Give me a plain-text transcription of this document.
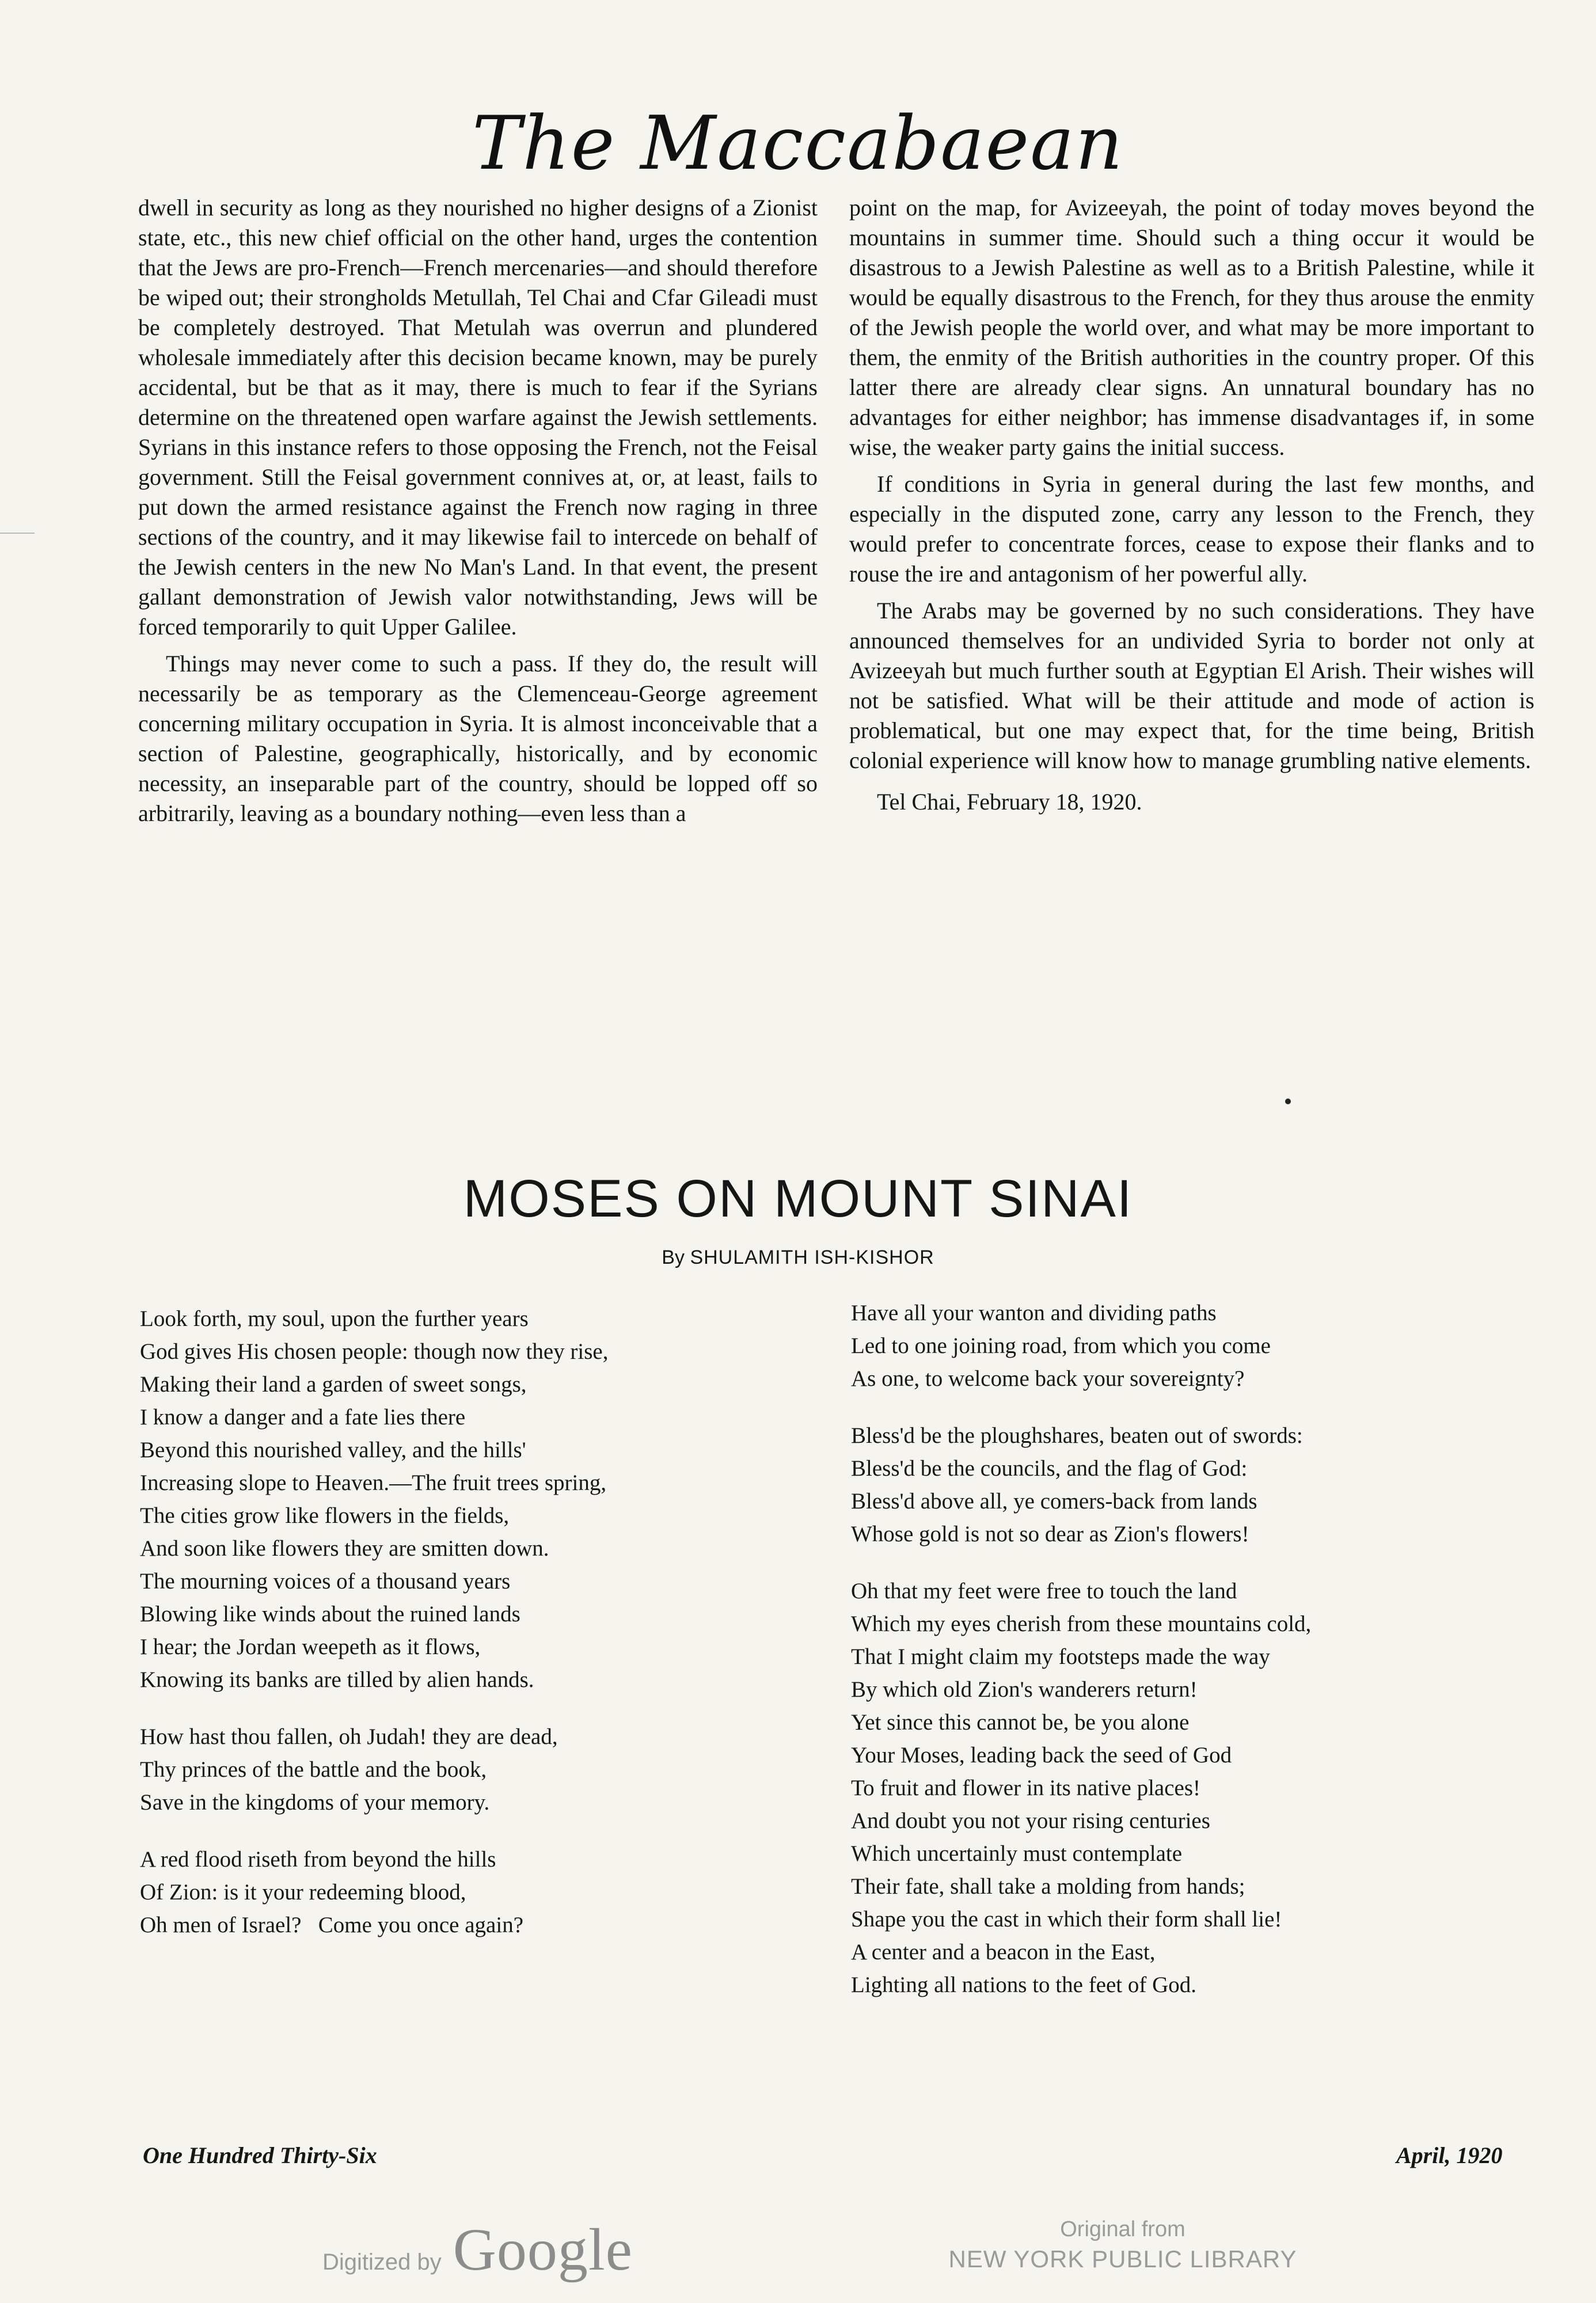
The Maccabaean

dwell in security as long as they nourished no higher designs of a Zionist state, etc., this new chief official on the other hand, urges the contention that the Jews are pro-French—French mercenaries—and should therefore be wiped out; their strongholds Metullah, Tel Chai and Cfar Gileadi must be completely destroyed. That Metulah was overrun and plundered wholesale immediately after this decision became known, may be purely accidental, but be that as it may, there is much to fear if the Syrians determine on the threatened open warfare against the Jewish settlements. Syrians in this instance refers to those opposing the French, not the Feisal government. Still the Feisal government connives at, or, at least, fails to put down the armed resistance against the French now raging in three sections of the country, and it may likewise fail to intercede on behalf of the Jewish centers in the new No Man's Land. In that event, the present gallant demonstration of Jewish valor notwithstanding, Jews will be forced temporarily to quit Upper Galilee.

Things may never come to such a pass. If they do, the result will necessarily be as temporary as the Clemenceau-George agreement concerning military occupation in Syria. It is almost inconceivable that a section of Palestine, geographically, historically, and by economic necessity, an inseparable part of the country, should be lopped off so arbitrarily, leaving as a boundary nothing—even less than a

point on the map, for Avizeeyah, the point of today moves beyond the mountains in summer time. Should such a thing occur it would be disastrous to a Jewish Palestine as well as to a British Palestine, while it would be equally disastrous to the French, for they thus arouse the enmity of the Jewish people the world over, and what may be more important to them, the enmity of the British authorities in the country proper. Of this latter there are already clear signs. An unnatural boundary has no advantages for either neighbor; has immense disadvantages if, in some wise, the weaker party gains the initial success.

If conditions in Syria in general during the last few months, and especially in the disputed zone, carry any lesson to the French, they would prefer to concentrate forces, cease to expose their flanks and to rouse the ire and antagonism of her powerful ally.

The Arabs may be governed by no such considerations. They have announced themselves for an undivided Syria to border not only at Avizeeyah but much further south at Egyptian El Arish. Their wishes will not be satisfied. What will be their attitude and mode of action is problematical, but one may expect that, for the time being, British colonial experience will know how to manage grumbling native elements.

Tel Chai, February 18, 1920.

MOSES ON MOUNT SINAI
By SHULAMITH ISH-KISHOR
Look forth, my soul, upon the further years
God gives His chosen people: though now they rise,
Making their land a garden of sweet songs,
I know a danger and a fate lies there
Beyond this nourished valley, and the hills'
Increasing slope to Heaven.—The fruit trees spring,
The cities grow like flowers in the fields,
And soon like flowers they are smitten down.
The mourning voices of a thousand years
Blowing like winds about the ruined lands
I hear; the Jordan weepeth as it flows,
Knowing its banks are tilled by alien hands.
How hast thou fallen, oh Judah! they are dead,
Thy princes of the battle and the book,
Save in the kingdoms of your memory.
A red flood riseth from beyond the hills
Of Zion: is it your redeeming blood,
Oh men of Israel?   Come you once again?
Have all your wanton and dividing paths
Led to one joining road, from which you come
As one, to welcome back your sovereignty?
Bless'd be the ploughshares, beaten out of swords:
Bless'd be the councils, and the flag of God:
Bless'd above all, ye comers-back from lands
Whose gold is not so dear as Zion's flowers!
Oh that my feet were free to touch the land
Which my eyes cherish from these mountains cold,
That I might claim my footsteps made the way
By which old Zion's wanderers return!
Yet since this cannot be, be you alone
Your Moses, leading back the seed of God
To fruit and flower in its native places!
And doubt you not your rising centuries
Which uncertainly must contemplate
Their fate, shall take a molding from hands;
Shape you the cast in which their form shall lie!
A center and a beacon in the East,
Lighting all nations to the feet of God.
One Hundred Thirty-Six	April, 1920
Digitized by Google	Original from
NEW YORK PUBLIC LIBRARY
